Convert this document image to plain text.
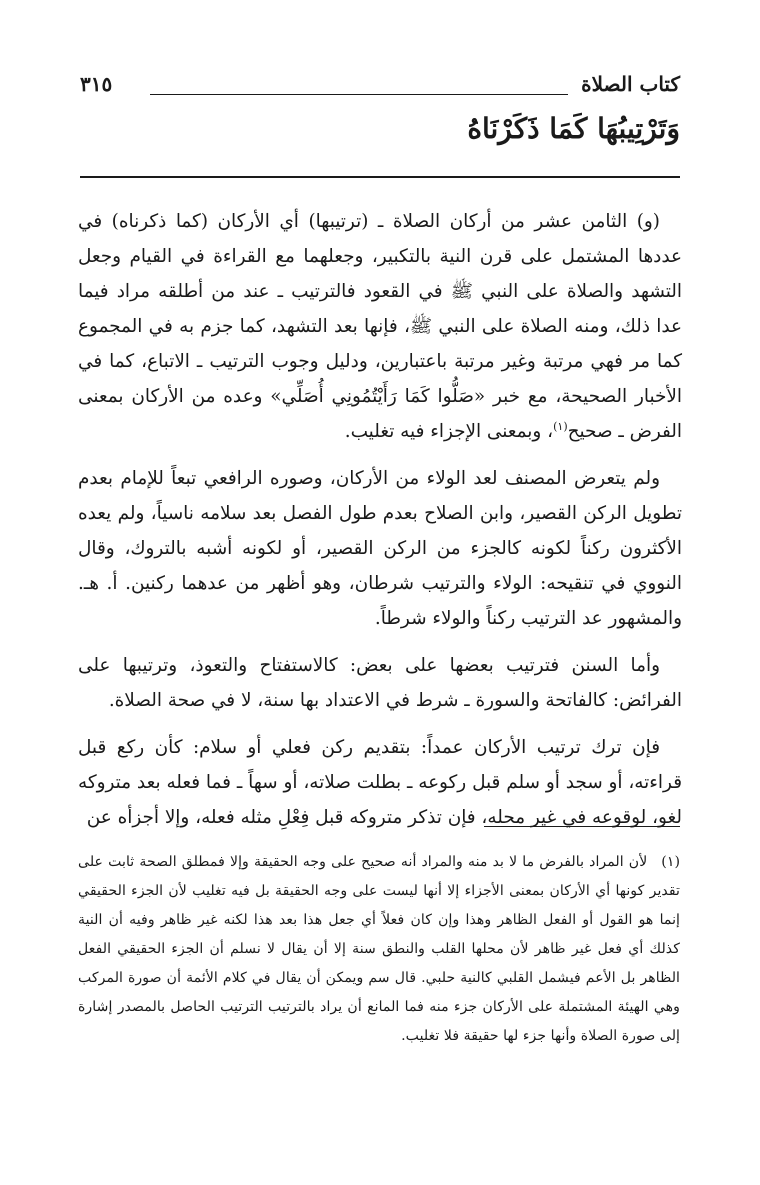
كتاب الصلاة
٣١٥
وَتَرْتِيبُهَا كَمَا ذَكَرْنَاهُ

(و) الثامن عشر من أركان الصلاة ـ (ترتيبها) أي الأركان (كما ذكرناه) في عددها المشتمل على قرن النية بالتكبير، وجعلهما مع القراءة في القيام وجعل التشهد والصلاة على النبي ﷺ في القعود فالترتيب ـ عند من أطلقه مراد فيما عدا ذلك، ومنه الصلاة على النبي ﷺ، فإنها بعد التشهد، كما جزم به في المجموع كما مر فهي مرتبة وغير مرتبة باعتبارين، ودليل وجوب الترتيب ـ الاتباع، كما في الأخبار الصحيحة، مع خبر «صَلُّوا كَمَا رَأَيْتُمُونِي أُصَلِّي» وعده من الأركان بمعنى الفرض ـ صحيح$^{(١)}$، وبمعنى الإجزاء فيه تغليب.

ولم يتعرض المصنف لعد الولاء من الأركان، وصوره الرافعي تبعاً للإمام بعدم تطويل الركن القصير، وابن الصلاح بعدم طول الفصل بعد سلامه ناسياً، ولم يعده الأكثرون ركناً لكونه كالجزء من الركن القصير، أو لكونه أشبه بالتروك، وقال النووي في تنقيحه: الولاء والترتيب شرطان، وهو أظهر من عدهما ركنين. أ. هـ. والمشهور عد الترتيب ركناً والولاء شرطاً.

وأما السنن فترتيب بعضها على بعض: كالاستفتاح والتعوذ، وترتيبها على الفرائض: كالفاتحة والسورة ـ شرط في الاعتداد بها سنة، لا في صحة الصلاة.

فإن ترك ترتيب الأركان عمداً: بتقديم ركن فعلي أو سلام: كأن ركع قبل قراءته، أو سجد أو سلم قبل ركوعه ـ بطلت صلاته، أو سهاً ـ فما فعله بعد متروكه لغو، لوقوعه في غير محله، فإن تذكر متروكه قبل فِعْلِ مثله فعله، وإلا أجزأه عن

(١)لأن المراد بالفرض ما لا بد منه والمراد أنه صحيح على وجه الحقيقة وإلا فمطلق الصحة ثابت على تقدير كونها أي الأركان بمعنى الأجزاء إلا أنها ليست على وجه الحقيقة بل فيه تغليب لأن الجزء الحقيقي إنما هو القول أو الفعل الظاهر وهذا وإن كان فعلاً أي جعل هذا بعد هذا لكنه غير ظاهر وفيه أن النية كذلك أي فعل غير ظاهر لأن محلها القلب والنطق سنة إلا أن يقال لا نسلم أن الجزء الحقيقي الفعل الظاهر بل الأعم فيشمل القلبي كالنية حلبي. قال سم ويمكن أن يقال في كلام الأئمة أن صورة المركب وهي الهيئة المشتملة على الأركان جزء منه فما المانع أن يراد بالترتيب الترتيب الحاصل بالمصدر إشارة إلى صورة الصلاة وأنها جزء لها حقيقة فلا تغليب.
